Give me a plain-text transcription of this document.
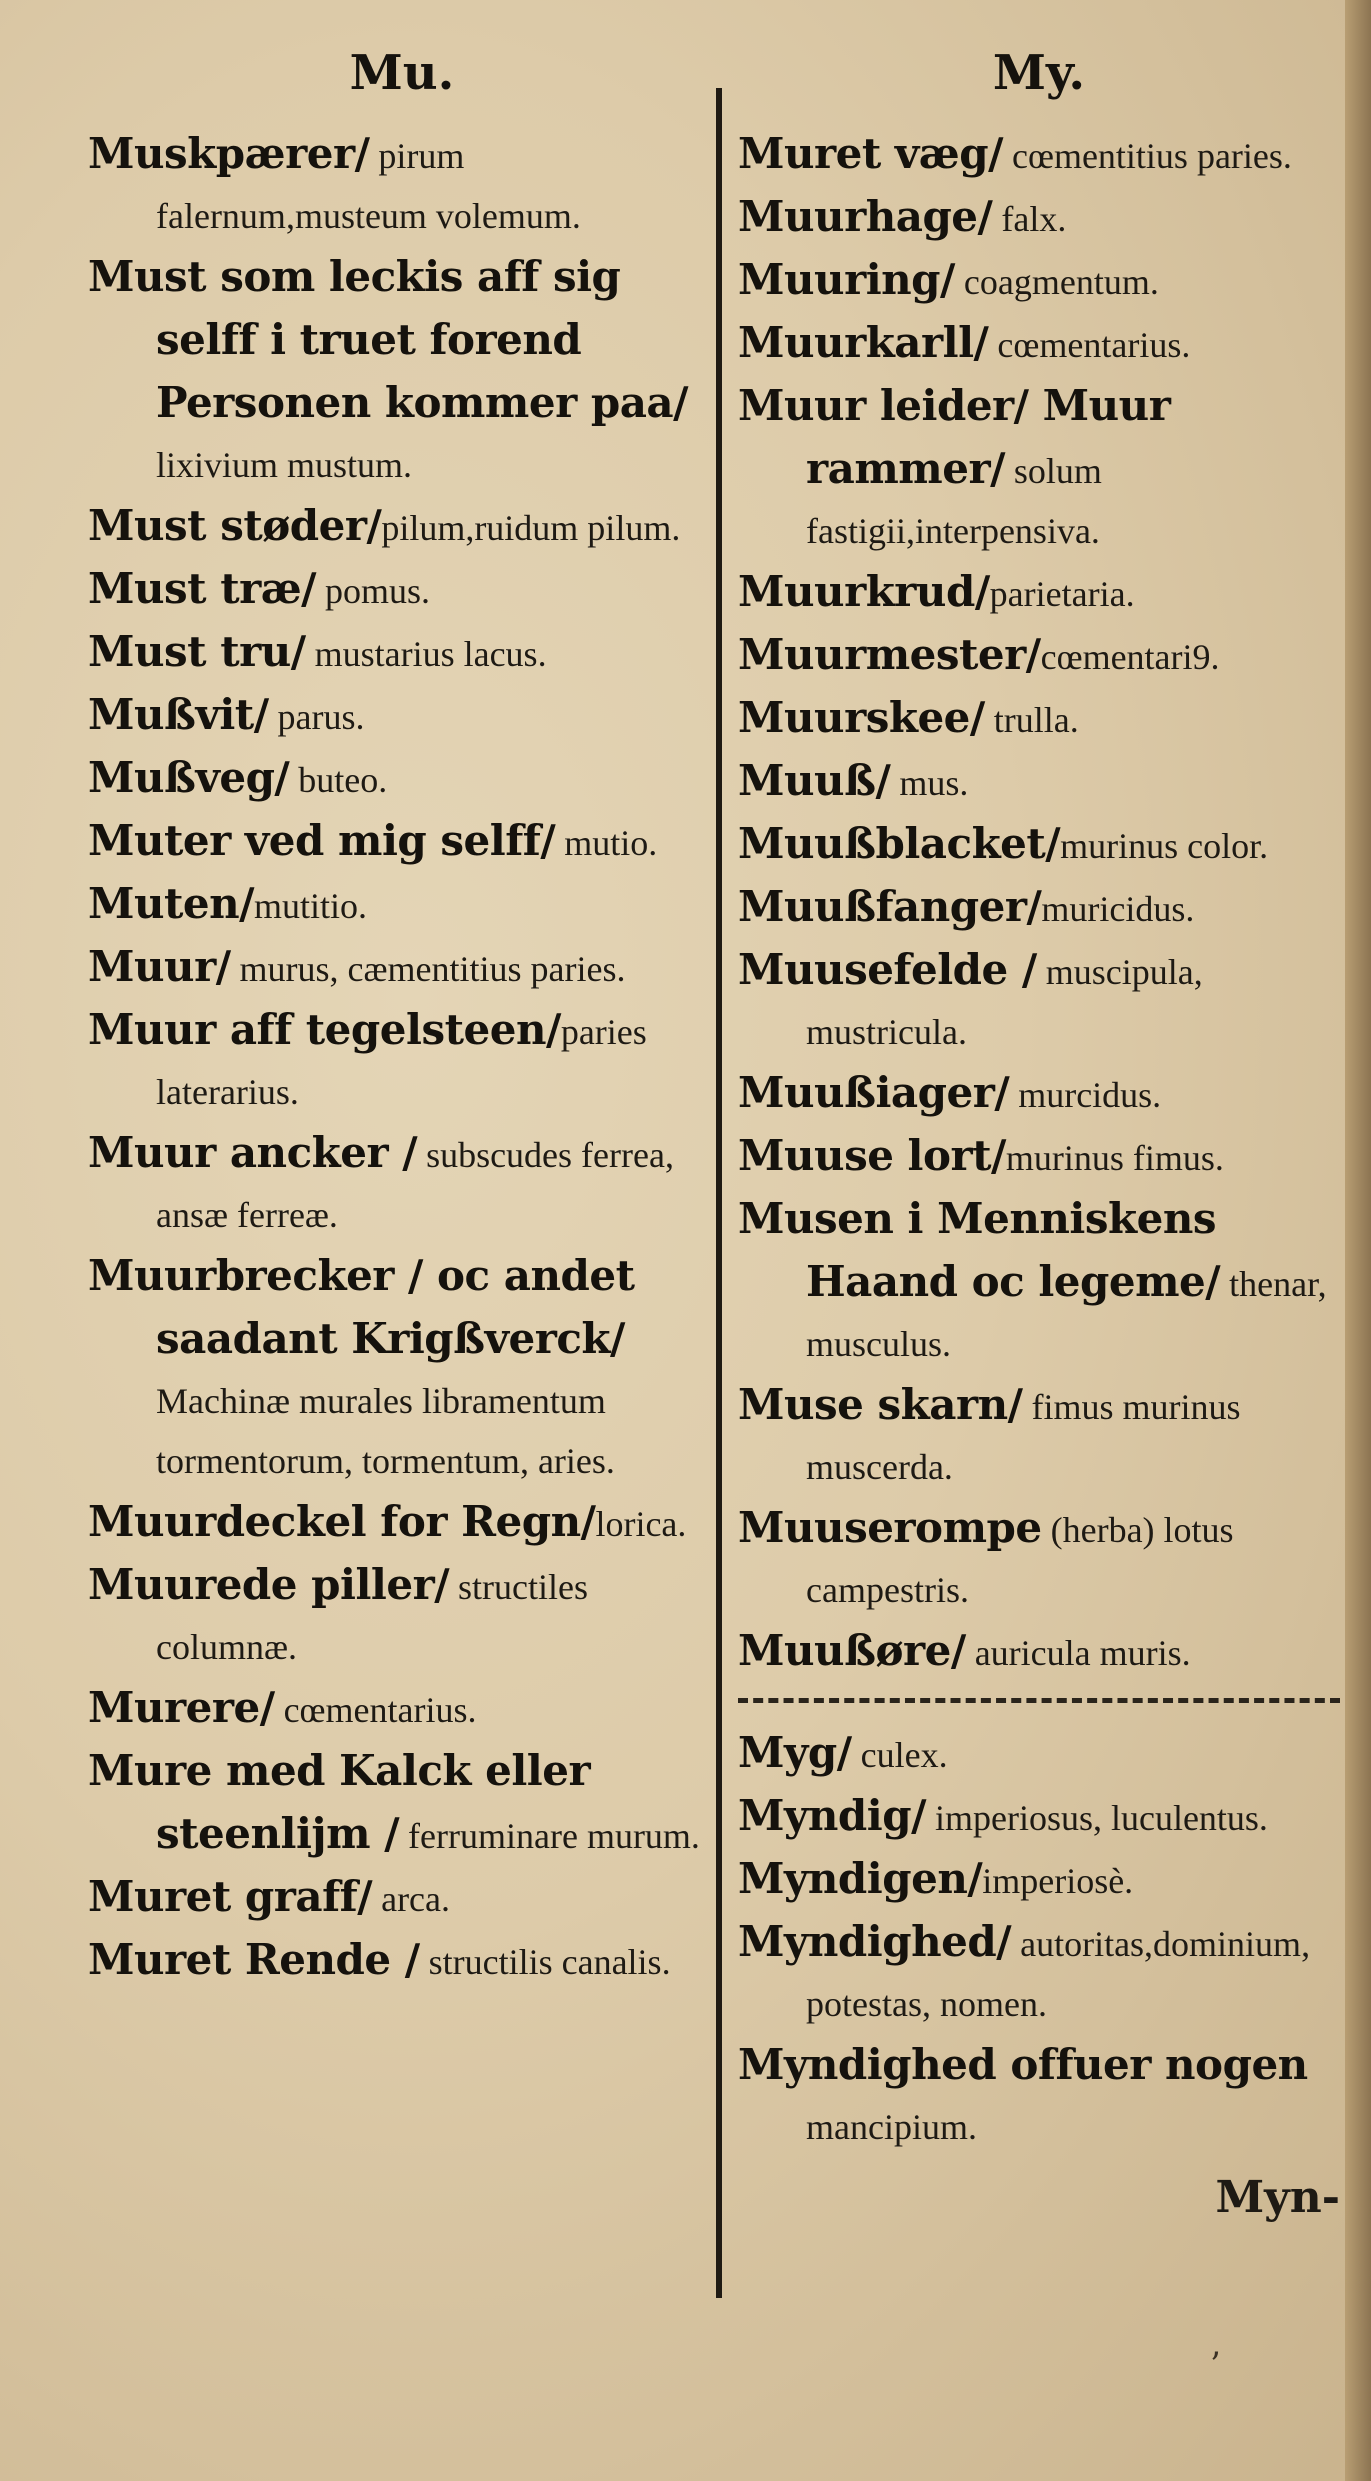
Mu.

Muskpærer/ pirum falernum,musteum volemum.

Must som leckis aff sig selff i truet forend Personen kommer paa/ lixivium mustum.

Must støder/pilum,ruidum pilum.

Must træ/ pomus.

Must tru/ mustarius lacus.

Mußvit/ parus.

Mußveg/ buteo.

Muter ved mig selff/ mutio.

Muten/mutitio.

Muur/ murus, cæmentitius paries.

Muur aff tegelsteen/paries laterarius.

Muur ancker / subscudes ferrea, ansæ ferreæ.

Muurbrecker / oc andet saadant Krigßverck/ Machinæ murales libramentum tormentorum, tormentum, aries.

Muurdeckel for Regn/lorica.

Muurede piller/ structiles columnæ.

Murere/ cœmentarius.

Mure med Kalck eller steenlijm / ferruminare murum.

Muret graff/ arca.

Muret Rende / structilis canalis.

My.

Muret væg/ cœmentitius paries.

Muurhage/ falx.

Muuring/ coagmentum.

Muurkarll/ cœmentarius.

Muur leider/ Muur rammer/ solum fastigii,interpensiva.

Muurkrud/parietaria.

Muurmester/cœmentari9.

Muurskee/ trulla.

Muuß/ mus.

Muußblacket/murinus color.

Muußfanger/muricidus.

Muusefelde / muscipula, mustricula.

Muußiager/ murcidus.

Muuse lort/murinus fimus.

Musen i Menniskens Haand oc legeme/ thenar, musculus.

Muse skarn/ fimus murinus muscerda.

Muuserompe (herba) lotus campestris.

Muußøre/ auricula muris.

Myg/ culex.

Myndig/ imperiosus, luculentus.

Myndigen/imperiosè.

Myndighed/ autoritas,dominium, potestas, nomen.

Myndighed offuer nogen mancipium.

Myn-
’
